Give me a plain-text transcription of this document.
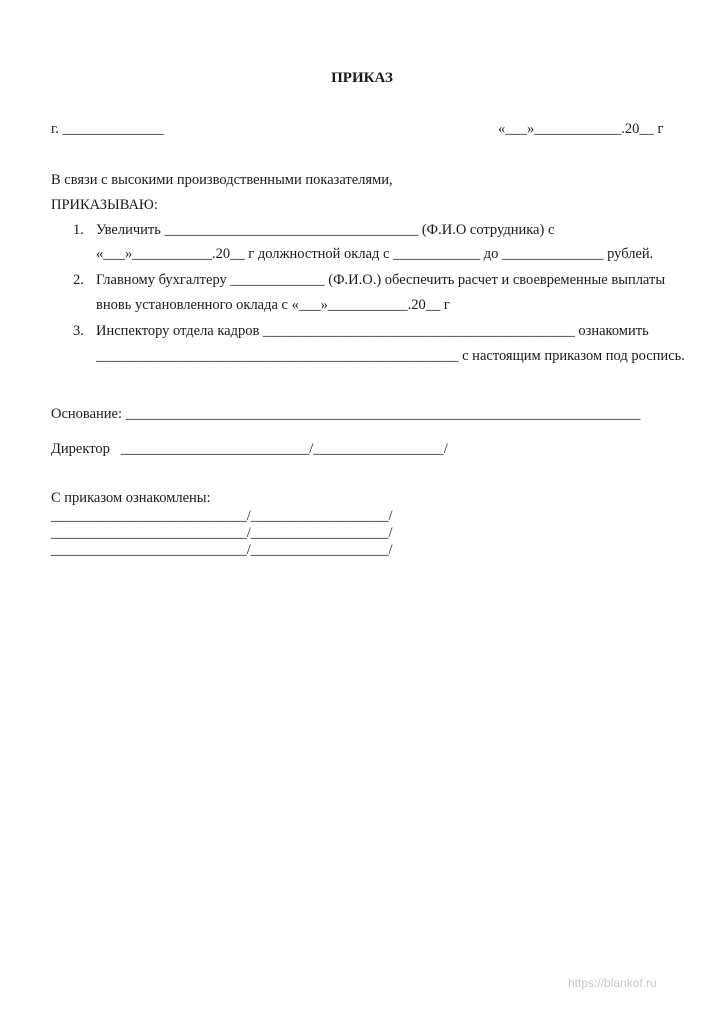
ПРИКАЗ
г. ______________	«___»____________.20__ г
В связи с высокими производственными показателями,
ПРИКАЗЫВАЮ:
1. Увеличить ___________________________________ (Ф.И.О сотрудника) с
«___»___________.20__ г должностной оклад с ____________ до ______________ рублей.
2. Главному бухгалтеру _____________ (Ф.И.О.) обеспечить расчет и своевременные выплаты
вновь установленного оклада с «___»___________.20__ г
3. Инспектору отдела кадров ___________________________________________ ознакомить
__________________________________________________ с настоящим приказом под роспись.
Основание: _______________________________________________________________________
Директор   __________________________/__________________/
С приказом ознакомлены:
___________________________/___________________/
___________________________/___________________/
___________________________/___________________/
https://blankof.ru
